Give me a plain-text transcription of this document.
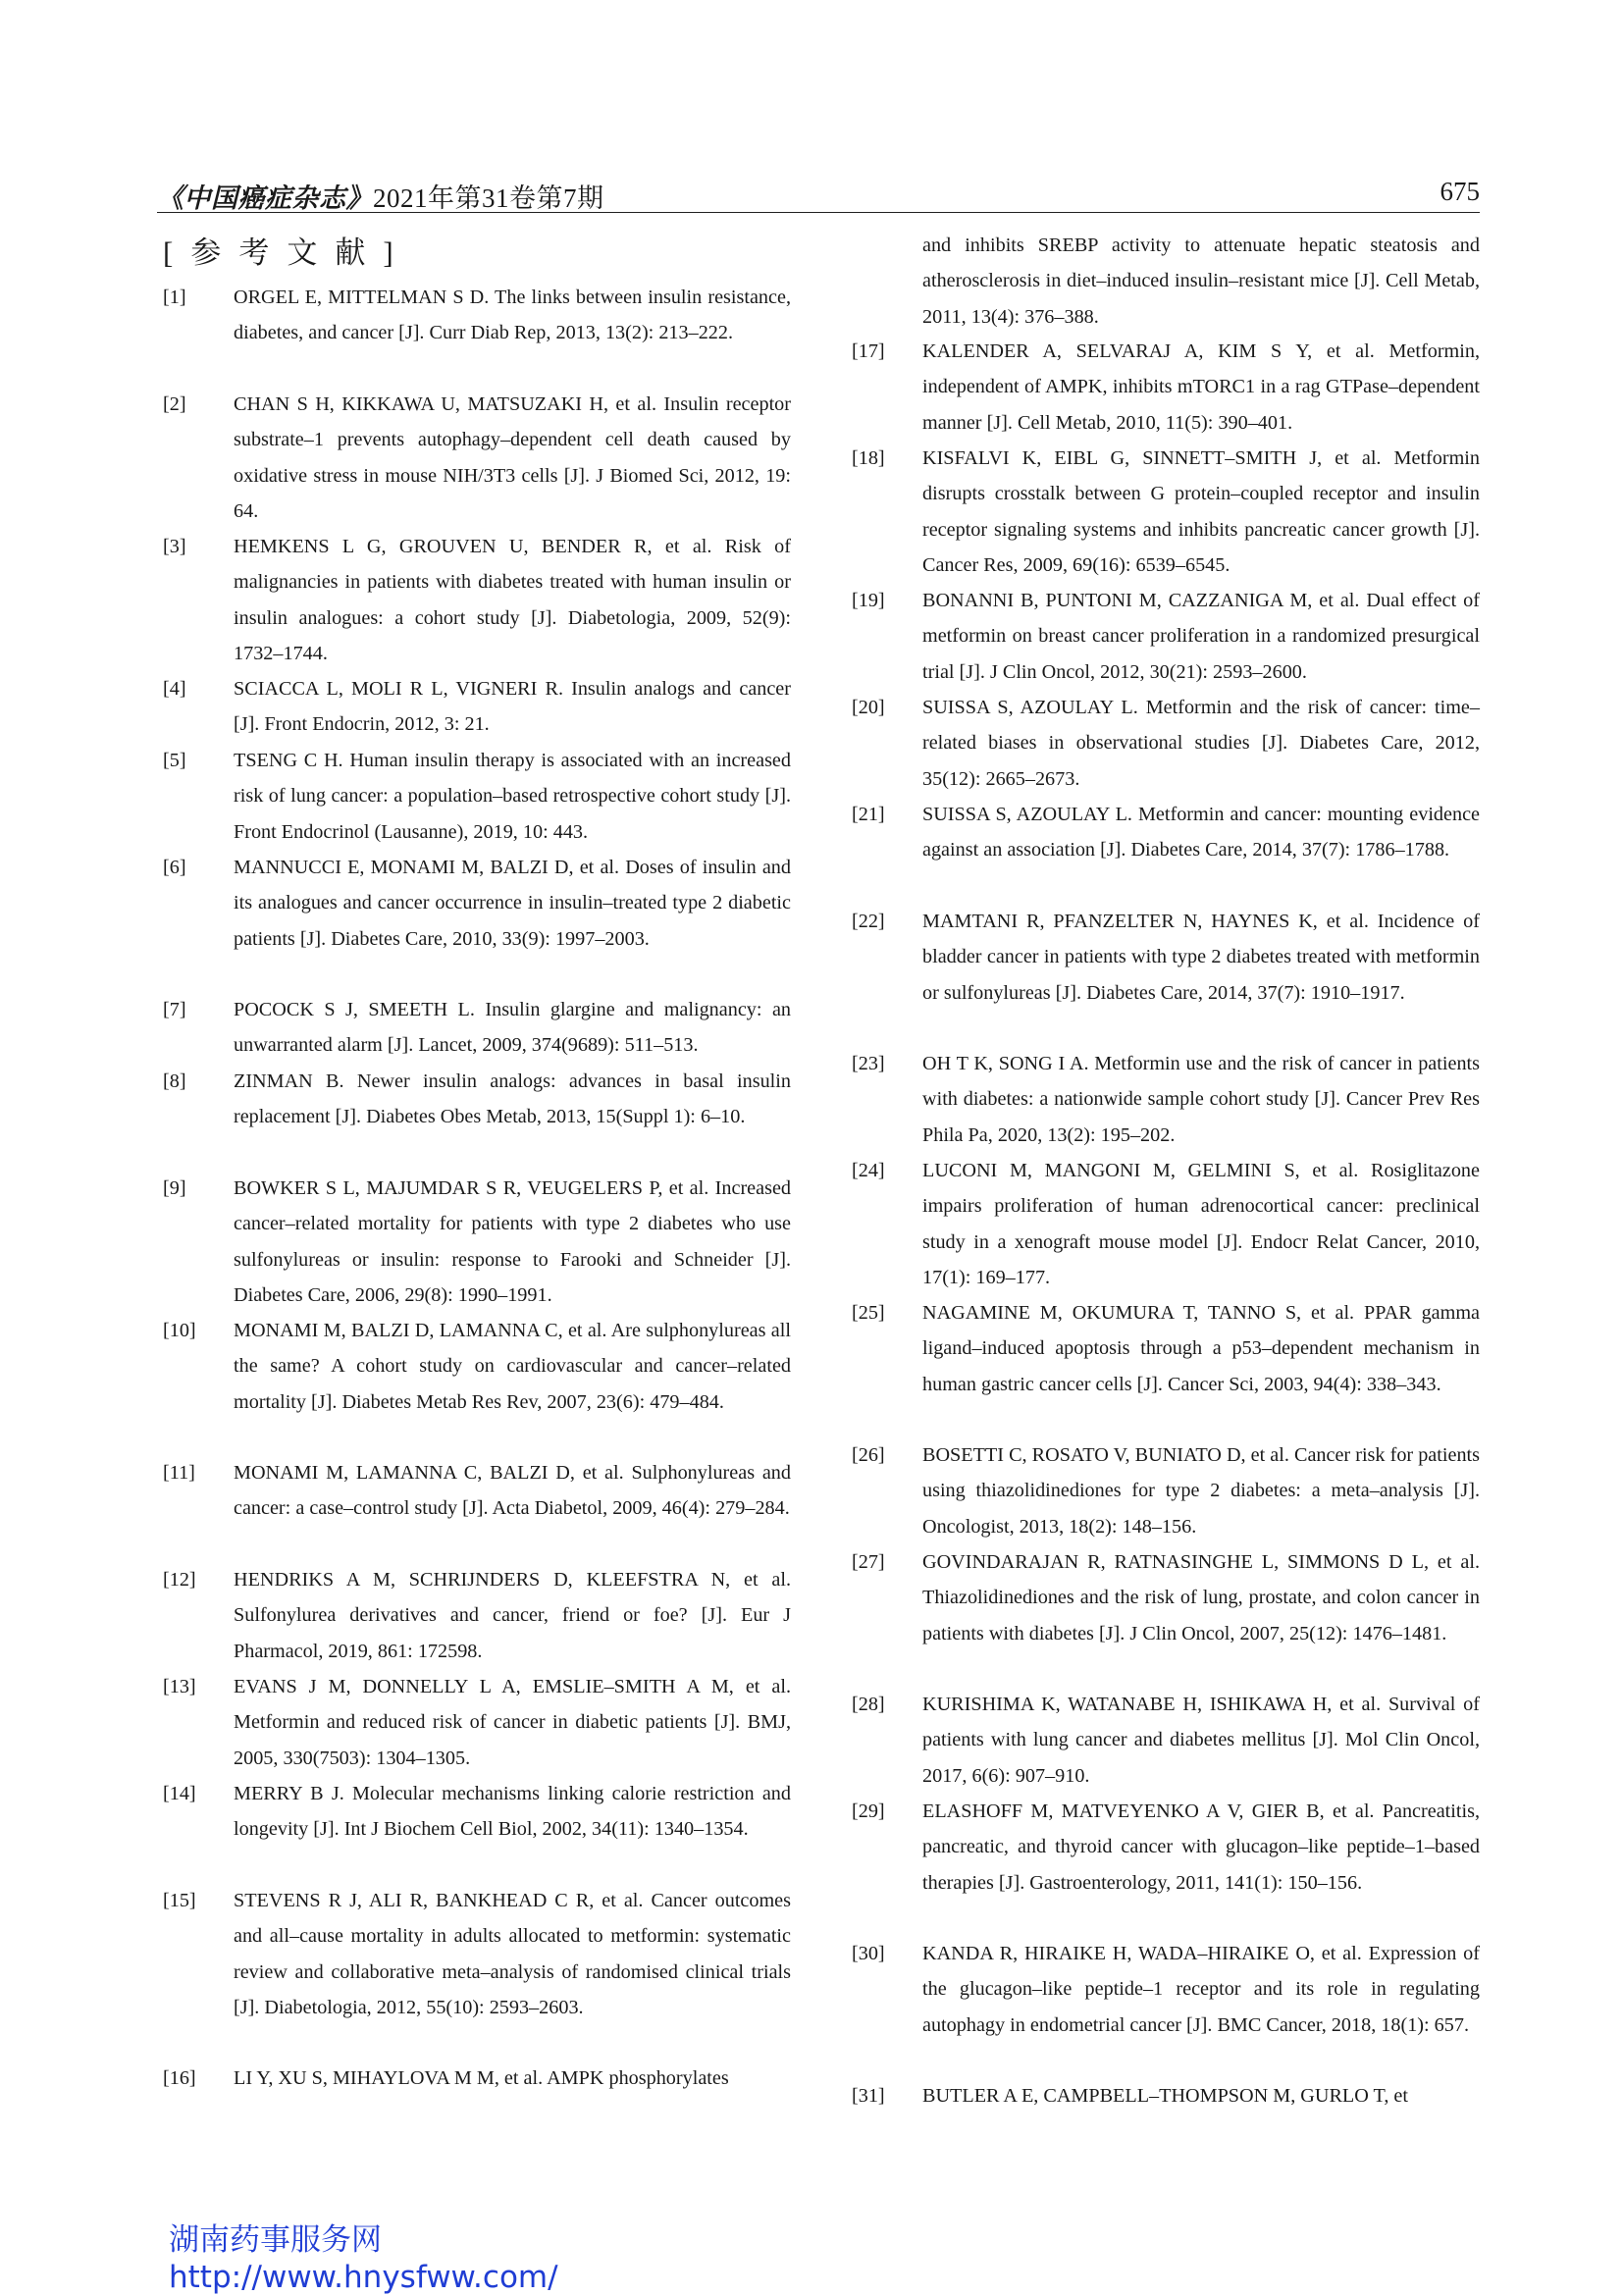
《中国癌症杂志》2021年第31卷第7期	675
[参考文献]
[1]	ORGEL E, MITTELMAN S D. The links between insulin resistance, diabetes, and cancer [J]. Curr Diab Rep, 2013, 13(2): 213–222.
[2]	CHAN S H, KIKKAWA U, MATSUZAKI H, et al. Insulin receptor substrate–1 prevents autophagy–dependent cell death caused by oxidative stress in mouse NIH/3T3 cells [J]. J Biomed Sci, 2012, 19: 64.
[3]	HEMKENS L G, GROUVEN U, BENDER R, et al. Risk of malignancies in patients with diabetes treated with human insulin or insulin analogues: a cohort study [J]. Diabetologia, 2009, 52(9): 1732–1744.
[4]	SCIACCA L, MOLI R L, VIGNERI R. Insulin analogs and cancer [J]. Front Endocrin, 2012, 3: 21.
[5]	TSENG C H. Human insulin therapy is associated with an increased risk of lung cancer: a population–based retrospective cohort study [J]. Front Endocrinol (Lausanne), 2019, 10: 443.
[6]	MANNUCCI E, MONAMI M, BALZI D, et al. Doses of insulin and its analogues and cancer occurrence in insulin–treated type 2 diabetic patients [J]. Diabetes Care, 2010, 33(9): 1997–2003.
[7]	POCOCK S J, SMEETH L. Insulin glargine and malignancy: an unwarranted alarm [J]. Lancet, 2009, 374(9689): 511–513.
[8]	ZINMAN B. Newer insulin analogs: advances in basal insulin replacement [J]. Diabetes Obes Metab, 2013, 15(Suppl 1): 6–10.
[9]	BOWKER S L, MAJUMDAR S R, VEUGELERS P, et al. Increased cancer–related mortality for patients with type 2 diabetes who use sulfonylureas or insulin: response to Farooki and Schneider [J]. Diabetes Care, 2006, 29(8): 1990–1991.
[10]	MONAMI M, BALZI D, LAMANNA C, et al. Are sulphonylureas all the same? A cohort study on cardiovascular and cancer–related mortality [J]. Diabetes Metab Res Rev, 2007, 23(6): 479–484.
[11]	MONAMI M, LAMANNA C, BALZI D, et al. Sulphonylureas and cancer: a case–control study [J]. Acta Diabetol, 2009, 46(4): 279–284.
[12]	HENDRIKS A M, SCHRIJNDERS D, KLEEFSTRA N, et al. Sulfonylurea derivatives and cancer, friend or foe? [J]. Eur J Pharmacol, 2019, 861: 172598.
[13]	EVANS J M, DONNELLY L A, EMSLIE–SMITH A M, et al. Metformin and reduced risk of cancer in diabetic patients [J]. BMJ, 2005, 330(7503): 1304–1305.
[14]	MERRY B J. Molecular mechanisms linking calorie restriction and longevity [J]. Int J Biochem Cell Biol, 2002, 34(11): 1340–1354.
[15]	STEVENS R J, ALI R, BANKHEAD C R, et al. Cancer outcomes and all–cause mortality in adults allocated to metformin: systematic review and collaborative meta–analysis of randomised clinical trials [J]. Diabetologia, 2012, 55(10): 2593–2603.
[16]	LI Y, XU S, MIHAYLOVA M M, et al. AMPK phosphorylates
and inhibits SREBP activity to attenuate hepatic steatosis and atherosclerosis in diet–induced insulin–resistant mice [J]. Cell Metab, 2011, 13(4): 376–388.
[17]	KALENDER A, SELVARAJ A, KIM S Y, et al. Metformin, independent of AMPK, inhibits mTORC1 in a rag GTPase–dependent manner [J]. Cell Metab, 2010, 11(5): 390–401.
[18]	KISFALVI K, EIBL G, SINNETT–SMITH J, et al. Metformin disrupts crosstalk between G protein–coupled receptor and insulin receptor signaling systems and inhibits pancreatic cancer growth [J]. Cancer Res, 2009, 69(16): 6539–6545.
[19]	BONANNI B, PUNTONI M, CAZZANIGA M, et al. Dual effect of metformin on breast cancer proliferation in a randomized presurgical trial [J]. J Clin Oncol, 2012, 30(21): 2593–2600.
[20]	SUISSA S, AZOULAY L. Metformin and the risk of cancer: time–related biases in observational studies [J]. Diabetes Care, 2012, 35(12): 2665–2673.
[21]	SUISSA S, AZOULAY L. Metformin and cancer: mounting evidence against an association [J]. Diabetes Care, 2014, 37(7): 1786–1788.
[22]	MAMTANI R, PFANZELTER N, HAYNES K, et al. Incidence of bladder cancer in patients with type 2 diabetes treated with metformin or sulfonylureas [J]. Diabetes Care, 2014, 37(7): 1910–1917.
[23]	OH T K, SONG I A. Metformin use and the risk of cancer in patients with diabetes: a nationwide sample cohort study [J]. Cancer Prev Res Phila Pa, 2020, 13(2): 195–202.
[24]	LUCONI M, MANGONI M, GELMINI S, et al. Rosiglitazone impairs proliferation of human adrenocortical cancer: preclinical study in a xenograft mouse model [J]. Endocr Relat Cancer, 2010, 17(1): 169–177.
[25]	NAGAMINE M, OKUMURA T, TANNO S, et al. PPAR gamma ligand–induced apoptosis through a p53–dependent mechanism in human gastric cancer cells [J]. Cancer Sci, 2003, 94(4): 338–343.
[26]	BOSETTI C, ROSATO V, BUNIATO D, et al. Cancer risk for patients using thiazolidinediones for type 2 diabetes: a meta–analysis [J]. Oncologist, 2013, 18(2): 148–156.
[27]	GOVINDARAJAN R, RATNASINGHE L, SIMMONS D L, et al. Thiazolidinediones and the risk of lung, prostate, and colon cancer in patients with diabetes [J]. J Clin Oncol, 2007, 25(12): 1476–1481.
[28]	KURISHIMA K, WATANABE H, ISHIKAWA H, et al. Survival of patients with lung cancer and diabetes mellitus [J]. Mol Clin Oncol, 2017, 6(6): 907–910.
[29]	ELASHOFF M, MATVEYENKO A V, GIER B, et al. Pancreatitis, pancreatic, and thyroid cancer with glucagon–like peptide–1–based therapies [J]. Gastroenterology, 2011, 141(1): 150–156.
[30]	KANDA R, HIRAIKE H, WADA–HIRAIKE O, et al. Expression of the glucagon–like peptide–1 receptor and its role in regulating autophagy in endometrial cancer [J]. BMC Cancer, 2018, 18(1): 657.
[31]	BUTLER A E, CAMPBELL–THOMPSON M, GURLO T, et
湖南药事服务网
http://www.hnysfww.com/
